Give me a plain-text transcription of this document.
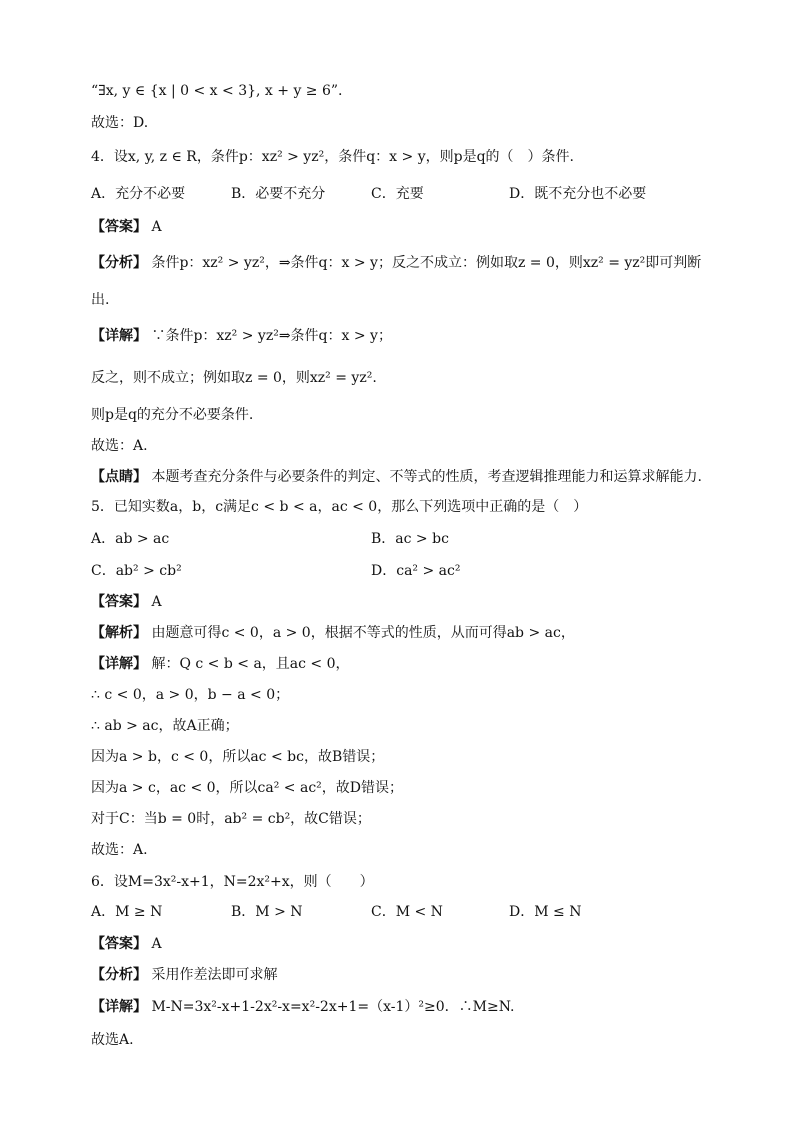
“∃x, y ∈ {x | 0 < x < 3}, x + y ≥ 6”.
故选：D.
4．设x, y, z ∈ R，条件p：xz² > yz²，条件q：x > y，则p是q的（　）条件.
A．充分不必要	B．必要不充分	C．充要	D．既不充分也不必要
【答案】 A
【分析】 条件p：xz² > yz²，⇒条件q：x > y；反之不成立：例如取z = 0，则xz² = yz²即可判断
出.
【详解】 ∵条件p：xz² > yz²⇒条件q：x > y；
反之，则不成立；例如取z = 0，则xz² = yz².
则p是q的充分不必要条件.
故选：A.
【点睛】 本题考查充分条件与必要条件的判定、不等式的性质，考查逻辑推理能力和运算求解能力.
5．已知实数a，b，c满足c < b < a，ac < 0，那么下列选项中正确的是（　）
A．ab > ac	B．ac > bc
C．ab² > cb²	D．ca² > ac²
【答案】 A
【解析】 由题意可得c < 0，a > 0，根据不等式的性质，从而可得ab > ac，
【详解】 解：Q c < b < a，且ac < 0，
∴ c < 0，a > 0，b − a < 0；
∴ ab > ac，故A正确；
因为a > b，c < 0，所以ac < bc，故B错误；
因为a > c，ac < 0，所以ca² < ac²，故D错误；
对于C：当b = 0时，ab² = cb²，故C错误；
故选：A.
6．设M=3x²-x+1，N=2x²+x，则（　　）
A．M ≥ N	B．M > N	C．M < N	D．M ≤ N
【答案】 A
【分析】 采用作差法即可求解
【详解】 M-N=3x²-x+1-2x²-x=x²-2x+1=（x-1）²≥0．∴M≥N.
故选A.
